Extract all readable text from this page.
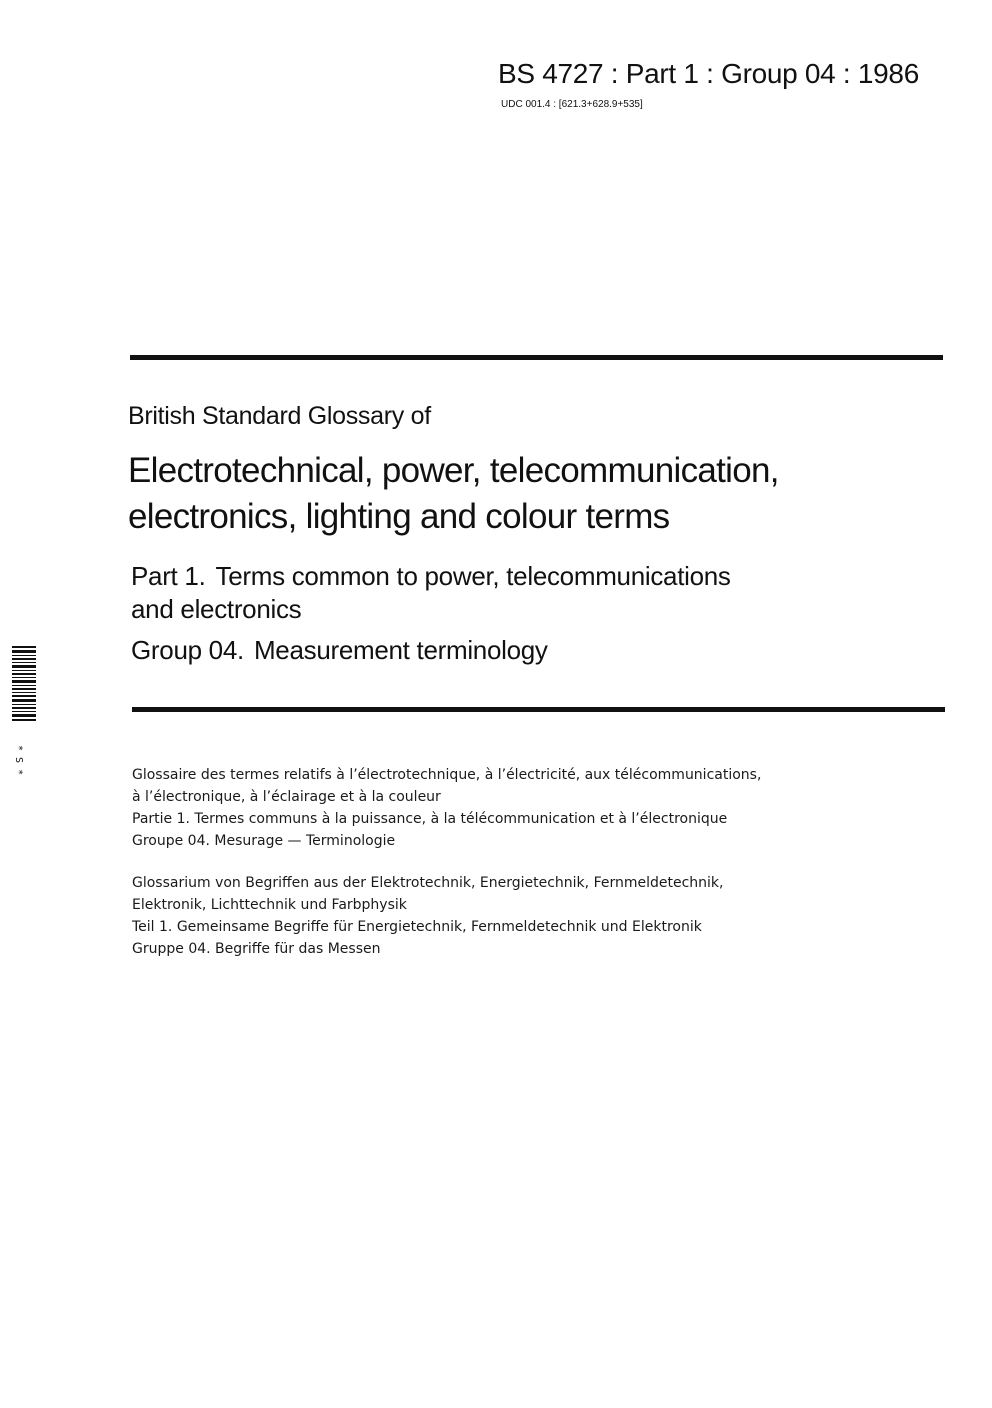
BS 4727 : Part 1 : Group 04 : 1986
UDC 001.4 : [621.3+628.9+535]
British Standard Glossary of
Electrotechnical, power, telecommunication,
electronics, lighting and colour terms
Part 1. Terms common to power, telecommunications
and electronics
Group 04. Measurement terminology
Glossaire des termes relatifs à l’électrotechnique, à l’électricité, aux télécommunications,
à l’électronique, à l’éclairage et à la couleur
Partie 1. Termes communs à la puissance, à la télécommunication et à l’électronique
Groupe 04. Mesurage — Terminologie
Glossarium von Begriffen aus der Elektrotechnik, Energietechnik, Fernmeldetechnik,
Elektronik, Lichttechnik und Farbphysik
Teil 1. Gemeinsame Begriffe für Energietechnik, Fernmeldetechnik und Elektronik
Gruppe 04. Begriffe für das Messen
* S *
